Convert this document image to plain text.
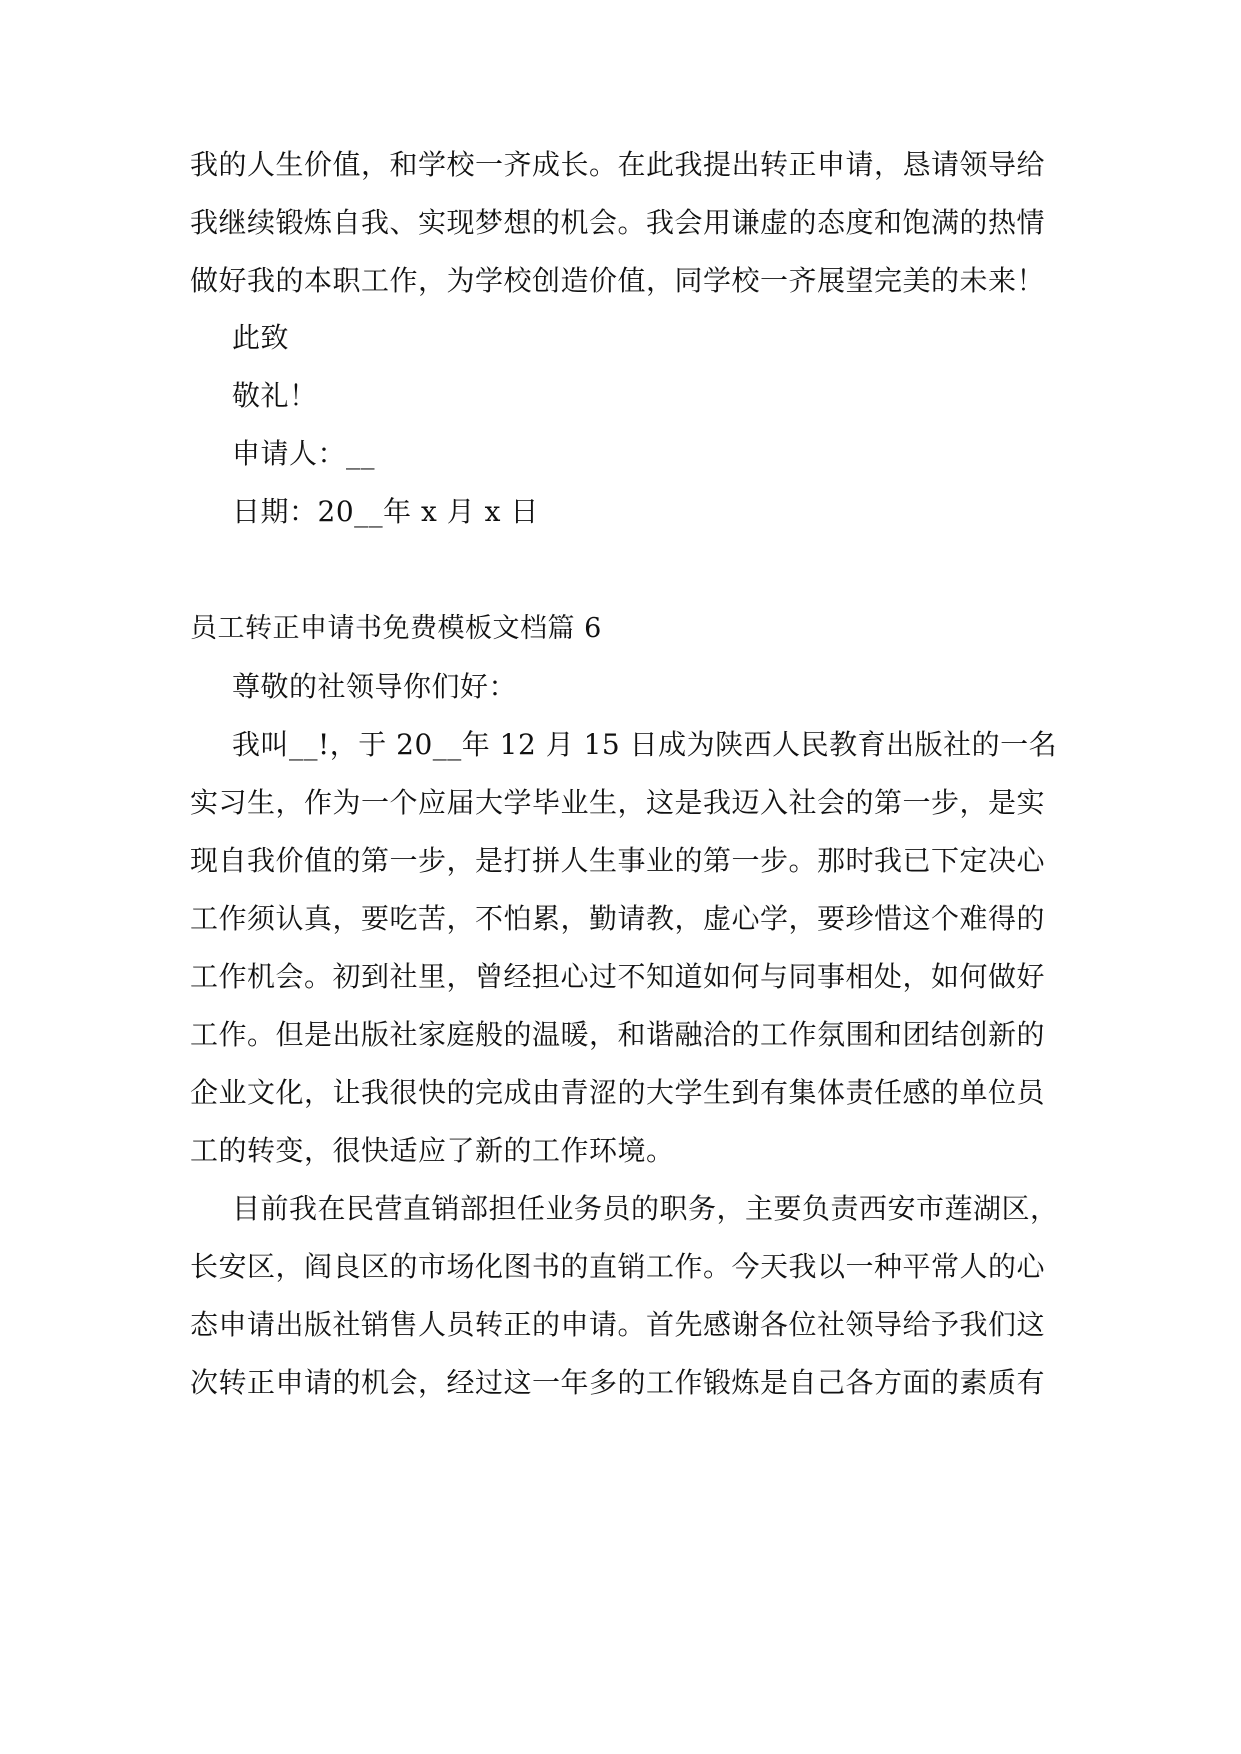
我的人生价值，和学校一齐成长。在此我提出转正申请，恳请领导给
我继续锻炼自我、实现梦想的机会。我会用谦虚的态度和饱满的热情
做好我的本职工作，为学校创造价值，同学校一齐展望完美的未来！
此致
敬礼！
申请人：__
日期：20__年 x 月 x 日
员工转正申请书免费模板文档篇 6
尊敬的社领导你们好：
我叫__!，于 20__年 12 月 15 日成为陕西人民教育出版社的一名
实习生，作为一个应届大学毕业生，这是我迈入社会的第一步，是实
现自我价值的第一步，是打拼人生事业的第一步。那时我已下定决心
工作须认真，要吃苦，不怕累，勤请教，虚心学，要珍惜这个难得的
工作机会。初到社里，曾经担心过不知道如何与同事相处，如何做好
工作。但是出版社家庭般的温暖，和谐融洽的工作氛围和团结创新的
企业文化，让我很快的完成由青涩的大学生到有集体责任感的单位员
工的转变，很快适应了新的工作环境。
目前我在民营直销部担任业务员的职务，主要负责西安市莲湖区，
长安区，阎良区的市场化图书的直销工作。今天我以一种平常人的心
态申请出版社销售人员转正的申请。首先感谢各位社领导给予我们这
次转正申请的机会，经过这一年多的工作锻炼是自己各方面的素质有
